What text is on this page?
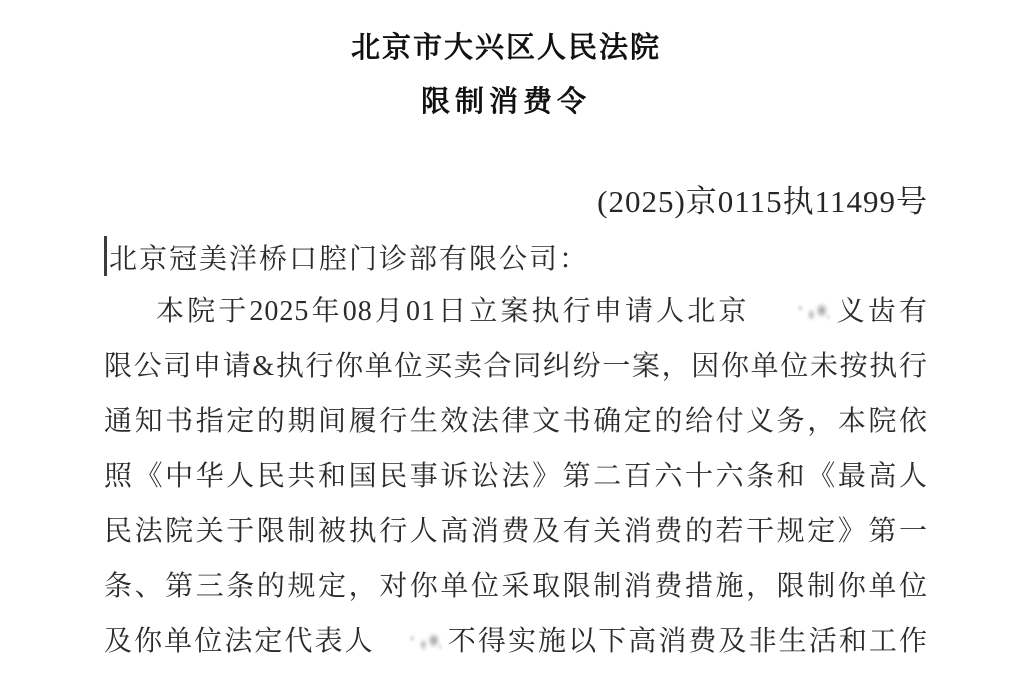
北京市大兴区人民法院
限制消费令
(2025)京0115执11499号
北京冠美洋桥口腔门诊部有限公司：
本院于2025年08月01日立案执行申请人北京	义齿有
限公司申请&执行你单位买卖合同纠纷一案，因你单位未按执行
通知书指定的期间履行生效法律文书确定的给付义务，本院依
照《中华人民共和国民事诉讼法》第二百六十六条和《最高人
民法院关于限制被执行人高消费及有关消费的若干规定》第一
条、第三条的规定，对你单位采取限制消费措施，限制你单位
及你单位法定代表人	不得实施以下高消费及非生活和工作
